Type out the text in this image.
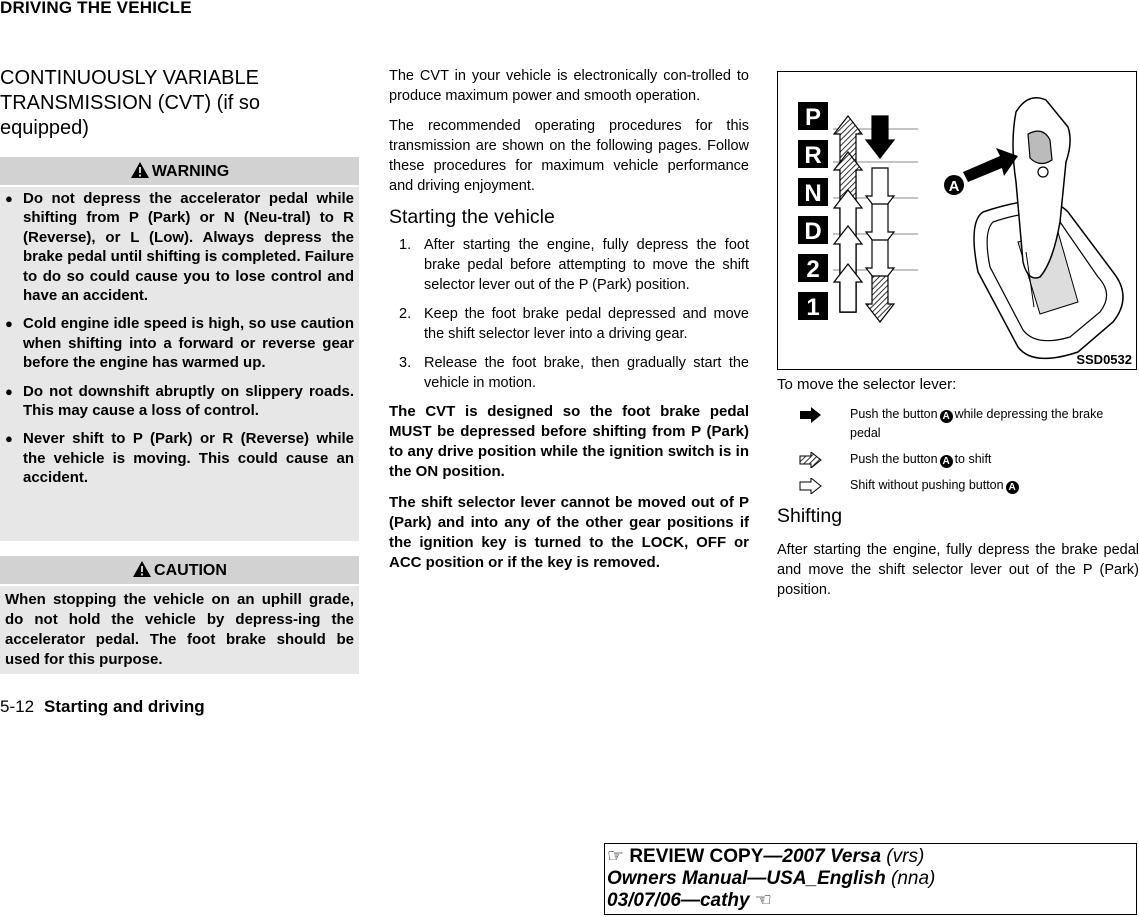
DRIVING THE VEHICLE
CONTINUOUSLY VARIABLE TRANSMISSION (CVT) (if so equipped)
WARNING
● Do not depress the accelerator pedal while shifting from P (Park) or N (Neu-tral) to R (Reverse), or L (Low). Always depress the brake pedal until shifting is completed. Failure to do so could cause you to lose control and have an accident.
● Cold engine idle speed is high, so use caution when shifting into a forward or reverse gear before the engine has warmed up.
● Do not downshift abruptly on slippery roads. This may cause a loss of control.
● Never shift to P (Park) or R (Reverse) while the vehicle is moving. This could cause an accident.
CAUTION

When stopping the vehicle on an uphill grade, do not hold the vehicle by depress-ing the accelerator pedal. The foot brake should be used for this purpose.

5-12 Starting and driving

The CVT in your vehicle is electronically con-trolled to produce maximum power and smooth operation.

The recommended operating procedures for this transmission are shown on the following pages. Follow these procedures for maximum vehicle performance and driving enjoyment.

Starting the vehicle
1. After starting the engine, fully depress the foot brake pedal before attempting to move the shift selector lever out of the P (Park) position.
2. Keep the foot brake pedal depressed and move the shift selector lever into a driving gear.
3. Release the foot brake, then gradually start the vehicle in motion.

The CVT is designed so the foot brake pedal MUST be depressed before shifting from P (Park) to any drive position while the ignition switch is in the ON position.

The shift selector lever cannot be moved out of P (Park) and into any of the other gear positions if the ignition key is turned to the LOCK, OFF or ACC position or if the key is removed.

P
R
N
D
2
1
A
SSD0532
To move the selector lever:
Push the button A while depressing the brake pedal
Push the button A to shift
Shift without pushing button A
Shifting

After starting the engine, fully depress the brake pedal and move the shift selector lever out of the P (Park) position.

☞ REVIEW COPY—2007 Versa (vrs)
Owners Manual—USA_English (nna)
03/07/06—cathy ☜
